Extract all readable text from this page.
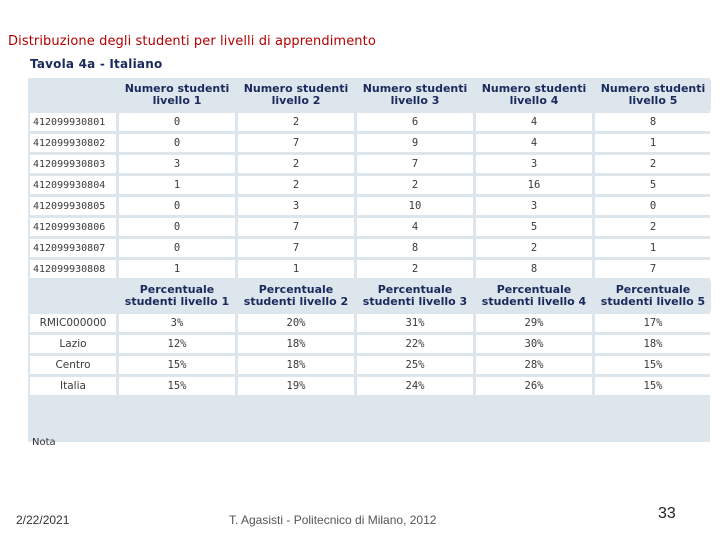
Distribuzione degli studenti per livelli di apprendimento
Tavola 4a - Italiano
	Numero studenti livello 1	Numero studenti livello 2	Numero studenti livello 3	Numero studenti livello 4	Numero studenti livello 5
412099930801	0	2	6	4	8
412099930802	0	7	9	4	1
412099930803	3	2	7	3	2
412099930804	1	2	2	16	5
412099930805	0	3	10	3	0
412099930806	0	7	4	5	2
412099930807	0	7	8	2	1
412099930808	1	1	2	8	7
	Percentuale studenti livello 1	Percentuale studenti livello 2	Percentuale studenti livello 3	Percentuale studenti livello 4	Percentuale studenti livello 5
RMIC000000	3%	20%	31%	29%	17%
Lazio	12%	18%	22%	30%	18%
Centro	15%	18%	25%	28%	15%
Italia	15%	19%	24%	26%	15%
Nota
2/22/2021	T. Agasisti - Politecnico di Milano, 2012	33
